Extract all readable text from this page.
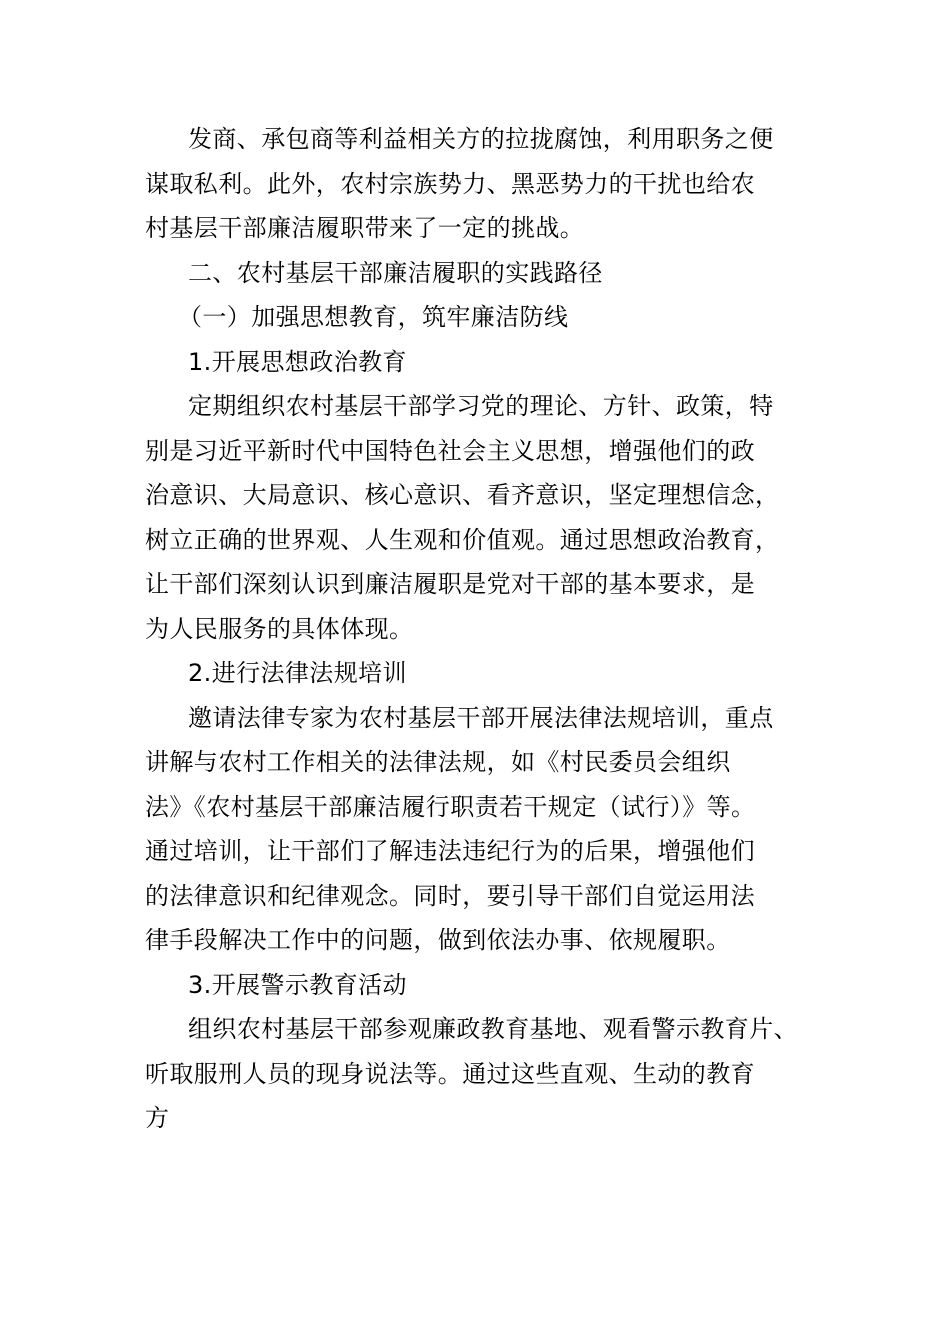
发商、承包商等利益相关方的拉拢腐蚀，利用职务之便
谋取私利。此外，农村宗族势力、黑恶势力的干扰也给农
村基层干部廉洁履职带来了一定的挑战。
二、农村基层干部廉洁履职的实践路径
（一）加强思想教育，筑牢廉洁防线
1.开展思想政治教育
定期组织农村基层干部学习党的理论、方针、政策，特
别是习近平新时代中国特色社会主义思想，增强他们的政
治意识、大局意识、核心意识、看齐意识，坚定理想信念，
树立正确的世界观、人生观和价值观。通过思想政治教育，
让干部们深刻认识到廉洁履职是党对干部的基本要求，是
为人民服务的具体体现。
2.进行法律法规培训
邀请法律专家为农村基层干部开展法律法规培训，重点
讲解与农村工作相关的法律法规，如《村民委员会组织
法》《农村基层干部廉洁履行职责若干规定（试行）》等。
通过培训，让干部们了解违法违纪行为的后果，增强他们
的法律意识和纪律观念。同时，要引导干部们自觉运用法
律手段解决工作中的问题，做到依法办事、依规履职。
3.开展警示教育活动
组织农村基层干部参观廉政教育基地、观看警示教育片、
听取服刑人员的现身说法等。通过这些直观、生动的教育
方
